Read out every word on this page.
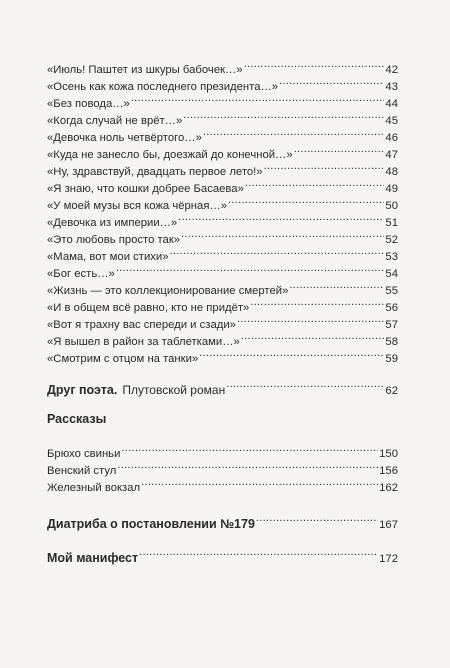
«Июль! Паштет из шкуры бабочек…» .....	42
«Осень как кожа последнего президента…» .....	43
«Без повода…» .....	44
«Когда случай не врёт…» .....	45
«Девочка ноль четвёртого…» .....	46
«Куда не занесло бы, доезжай до конечной…» .....	47
«Ну, здравствуй, двадцать первое лето!» .....	48
«Я знаю, что кошки добрее Басаева» .....	49
«У моей музы вся кожа чёрная…» .....	50
«Девочка из империи…» .....	51
«Это любовь просто так» .....	52
«Мама, вот мои стихи» .....	53
«Бог есть…» .....	54
«Жизнь — это коллекционирование смертей» .....	55
«И в общем всё равно, кто не придёт» .....	56
«Вот я трахну вас спереди и сзади» .....	57
«Я вышел в район за таблетками…» .....	58
«Смотрим с отцом на танки» .....	59
Друг поэта. Плутовской роман .....	62
Рассказы
Брюхо свиньи .....	150
Венский стул .....	156
Железный вокзал .....	162
Диатриба о постановлении №179 .....	167
Мой манифест .....	172
